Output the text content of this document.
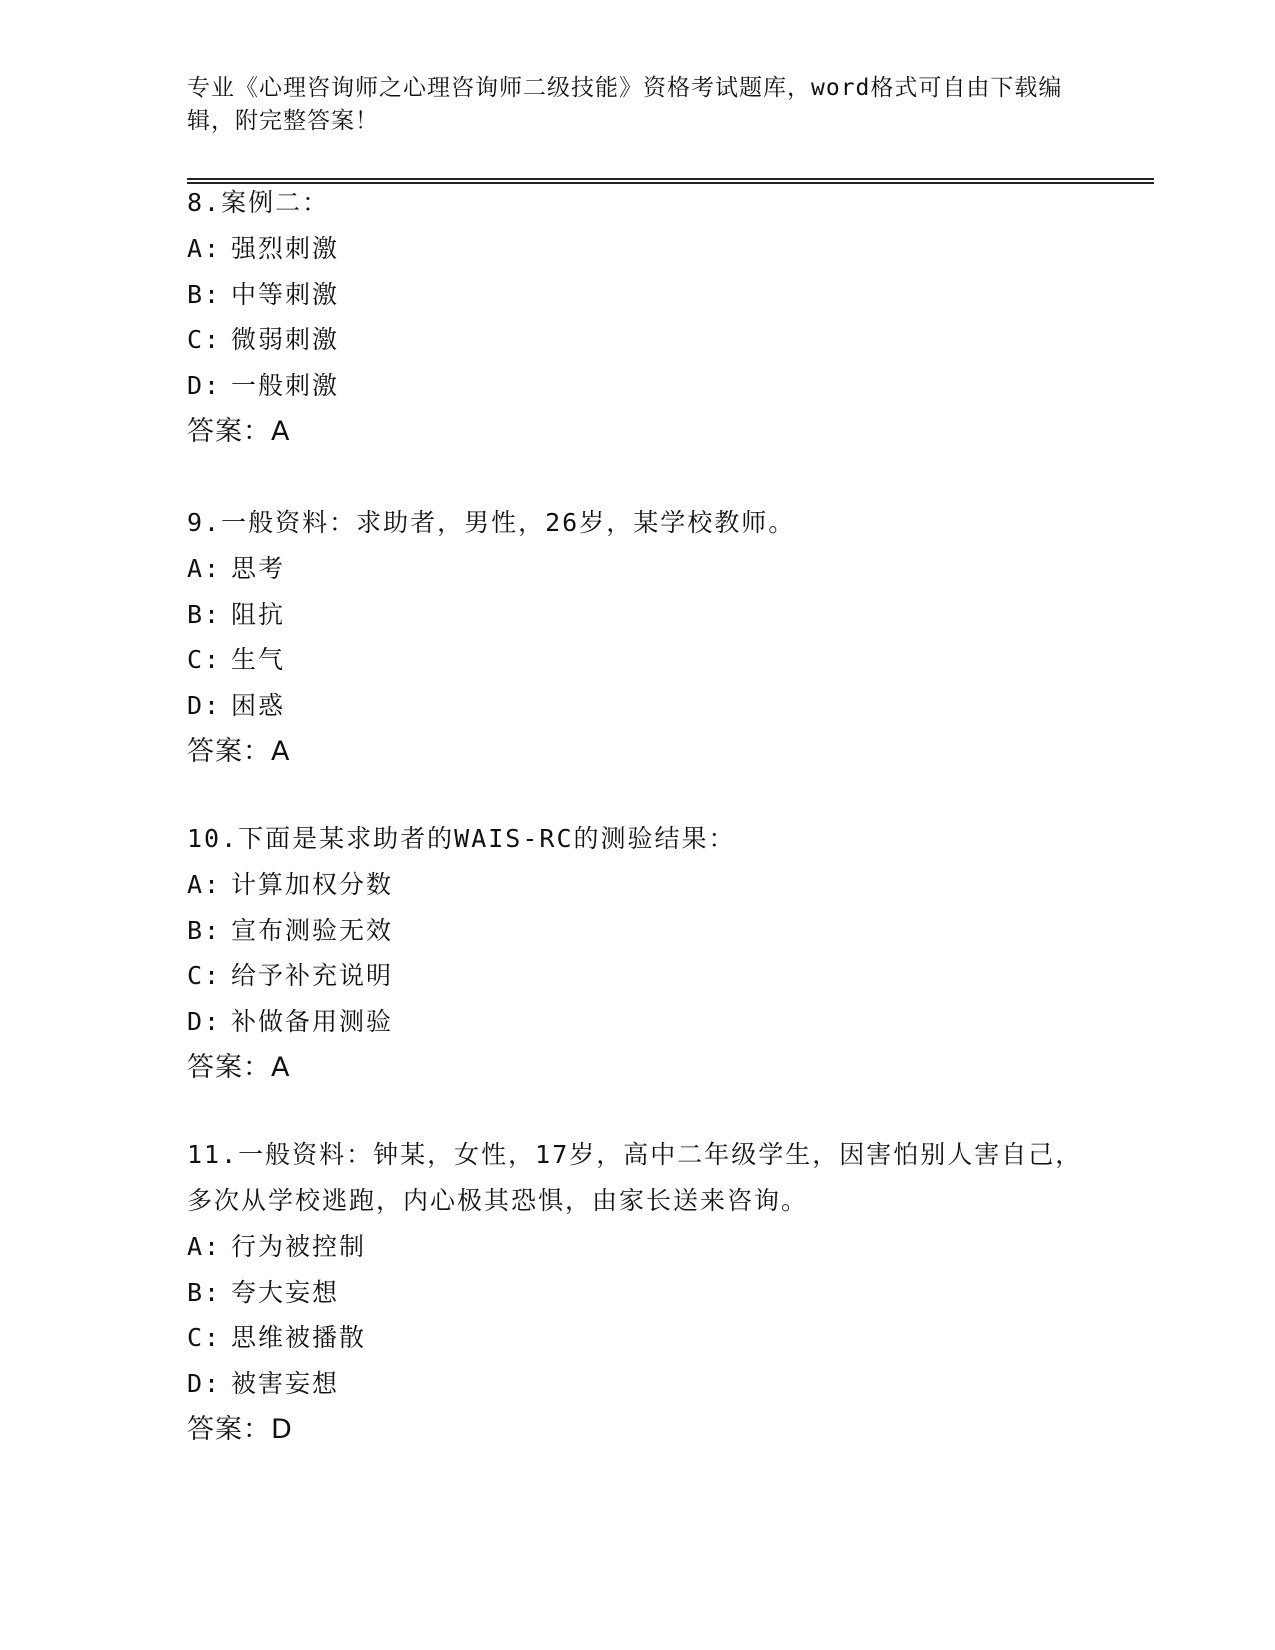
专业《心理咨询师之心理咨询师二级技能》资格考试题库，word格式可自由下载编辑，附完整答案！

8.案例二：

A: 强烈刺激

B: 中等刺激

C: 微弱刺激

D: 一般刺激

答案：A

9.一般资料：求助者，男性，26岁，某学校教师。

A: 思考

B: 阻抗

C: 生气

D: 困惑

答案：A

10.下面是某求助者的WAIS-RC的测验结果：

A: 计算加权分数

B: 宣布测验无效

C: 给予补充说明

D: 补做备用测验

答案：A

11.一般资料：钟某，女性，17岁，高中二年级学生，因害怕别人害自己，多次从学校逃跑，内心极其恐惧，由家长送来咨询。

A: 行为被控制

B: 夸大妄想

C: 思维被播散

D: 被害妄想

答案：D
